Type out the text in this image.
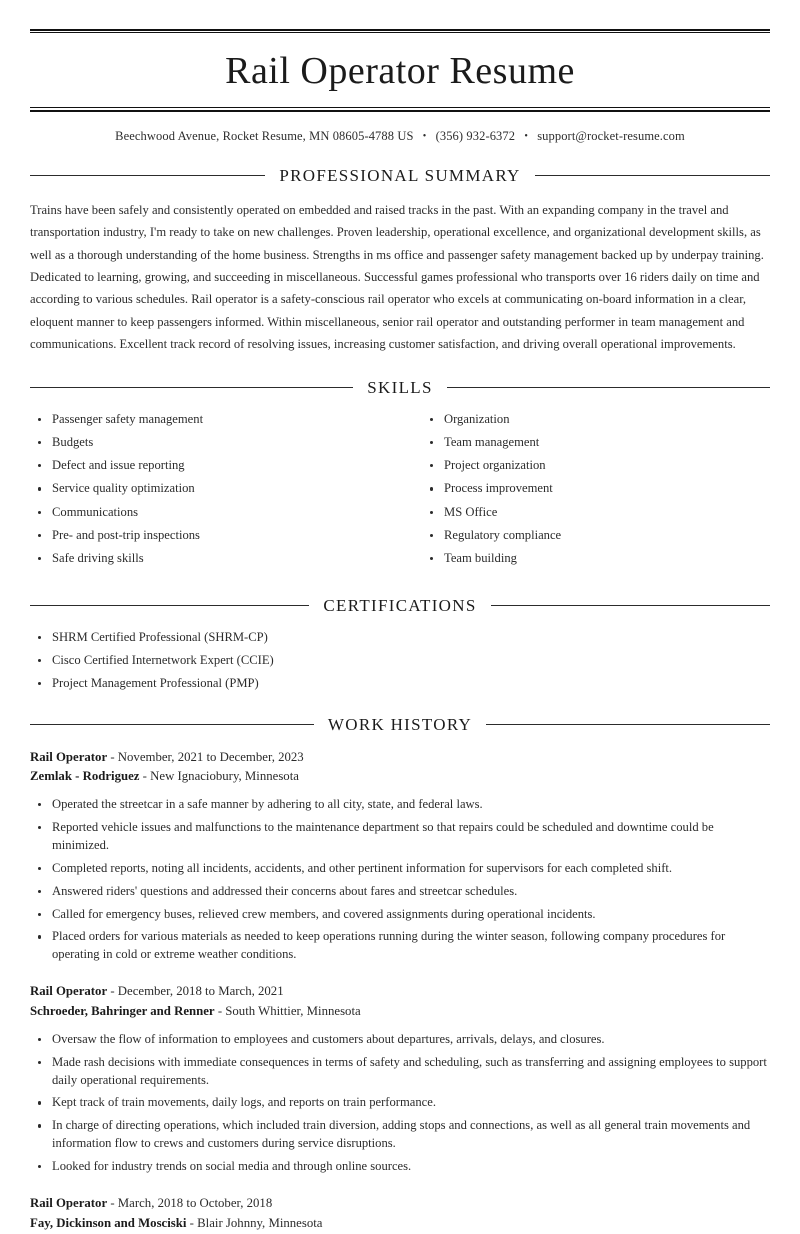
Rail Operator Resume
Beechwood Avenue, Rocket Resume, MN 08605-4788 US • (356) 932-6372 • support@rocket-resume.com
PROFESSIONAL SUMMARY

Trains have been safely and consistently operated on embedded and raised tracks in the past. With an expanding company in the travel and transportation industry, I'm ready to take on new challenges. Proven leadership, operational excellence, and organizational development skills, as well as a thorough understanding of the home business. Strengths in ms office and passenger safety management backed up by underpay training. Dedicated to learning, growing, and succeeding in miscellaneous. Successful games professional who transports over 16 riders daily on time and according to various schedules. Rail operator is a safety-conscious rail operator who excels at communicating on-board information in a clear, eloquent manner to keep passengers informed. Within miscellaneous, senior rail operator and outstanding performer in team management and communications. Excellent track record of resolving issues, increasing customer satisfaction, and driving overall operational improvements.

SKILLS
Passenger safety management
Budgets
Defect and issue reporting
Service quality optimization
Communications
Pre- and post-trip inspections
Safe driving skills
Organization
Team management
Project organization
Process improvement
MS Office
Regulatory compliance
Team building
CERTIFICATIONS
SHRM Certified Professional (SHRM-CP)
Cisco Certified Internetwork Expert (CCIE)
Project Management Professional (PMP)
WORK HISTORY
Rail Operator - November, 2021 to December, 2023
Zemlak - Rodriguez - New Ignaciobury, Minnesota
Operated the streetcar in a safe manner by adhering to all city, state, and federal laws.
Reported vehicle issues and malfunctions to the maintenance department so that repairs could be scheduled and downtime could be minimized.
Completed reports, noting all incidents, accidents, and other pertinent information for supervisors for each completed shift.
Answered riders' questions and addressed their concerns about fares and streetcar schedules.
Called for emergency buses, relieved crew members, and covered assignments during operational incidents.
Placed orders for various materials as needed to keep operations running during the winter season, following company procedures for operating in cold or extreme weather conditions.
Rail Operator - December, 2018 to March, 2021
Schroeder, Bahringer and Renner - South Whittier, Minnesota
Oversaw the flow of information to employees and customers about departures, arrivals, delays, and closures.
Made rash decisions with immediate consequences in terms of safety and scheduling, such as transferring and assigning employees to support daily operational requirements.
Kept track of train movements, daily logs, and reports on train performance.
In charge of directing operations, which included train diversion, adding stops and connections, as well as all general train movements and information flow to crews and customers during service disruptions.
Looked for industry trends on social media and through online sources.
Rail Operator - March, 2018 to October, 2018
Fay, Dickinson and Mosciski - Blair Johnny, Minnesota
